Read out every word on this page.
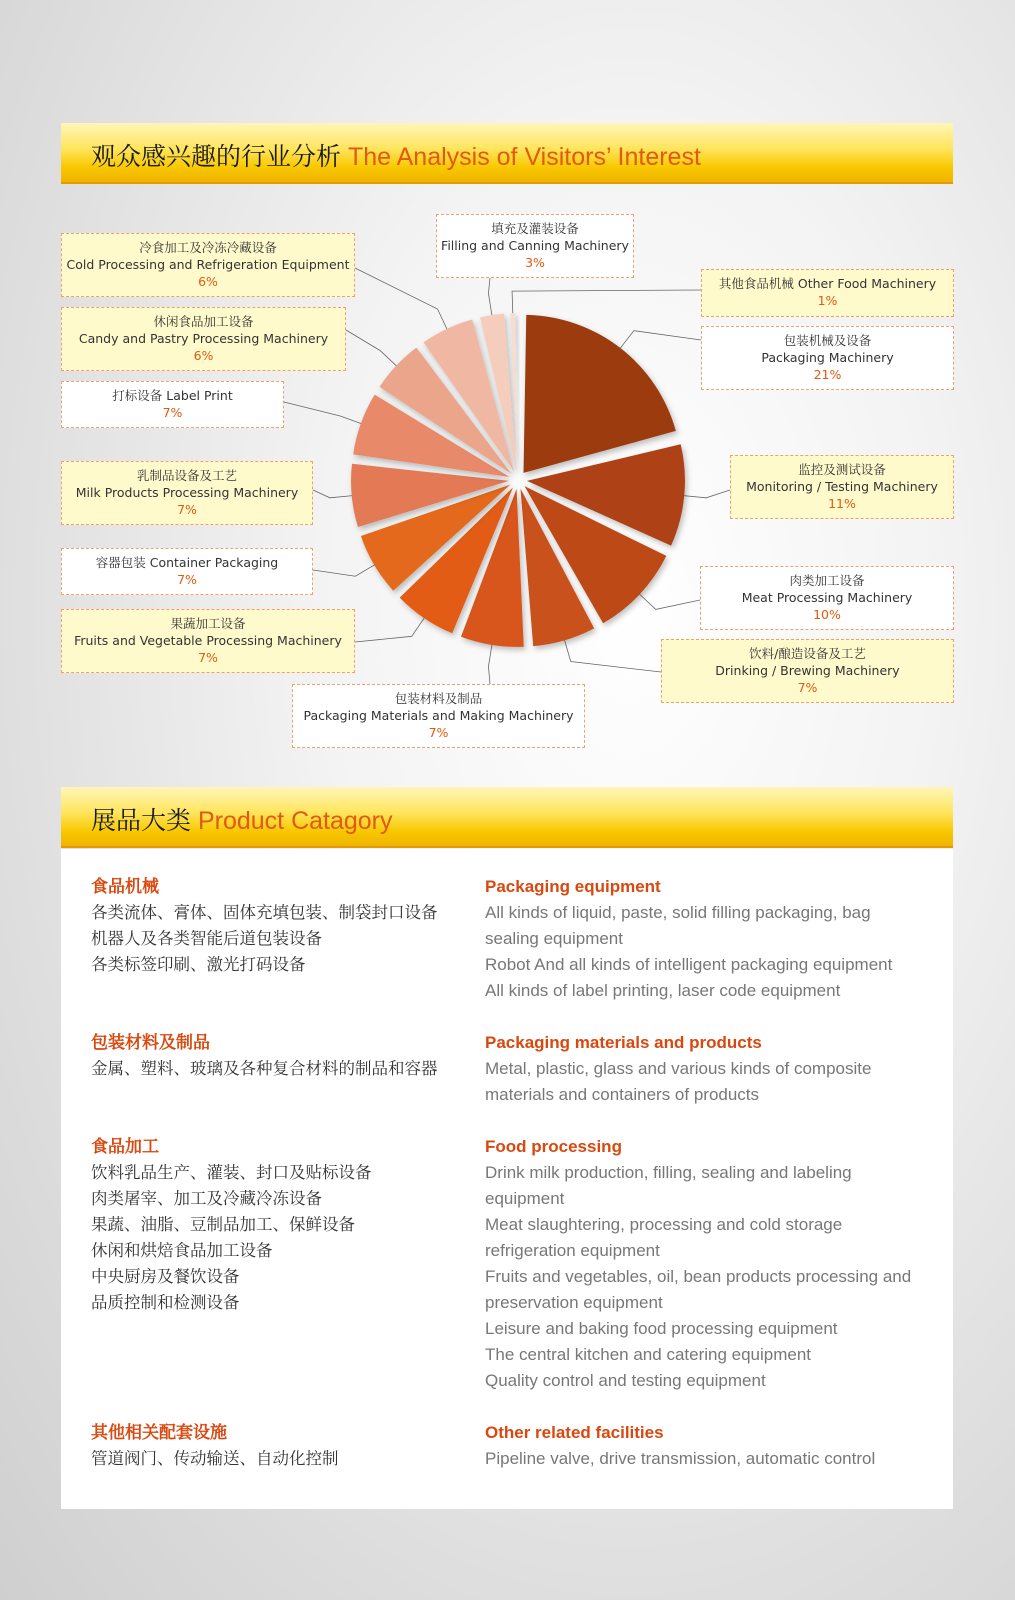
观众感兴趣的行业分析 The Analysis of Visitors’ Interest
包装机械及设备
Packaging Machinery
21%
监控及测试设备
Monitoring / Testing Machinery
11%
肉类加工设备
Meat Processing Machinery
10%
饮料/酿造设备及工艺
Drinking / Brewing Machinery
7%
包装材料及制品
Packaging Materials and Making Machinery
7%
果蔬加工设备
Fruits and Vegetable Processing Machinery
7%
容器包装 Container Packaging
7%
乳制品设备及工艺
Milk Products Processing Machinery
7%
打标设备 Label Print
7%
休闲食品加工设备
Candy and Pastry Processing Machinery
6%
冷食加工及冷冻冷藏设备
Cold Processing and Refrigeration Equipment
6%
填充及灌装设备
Filling and Canning Machinery
3%
其他食品机械 Other Food Machinery
1%
展品大类 Product Catagory
食品机械
各类流体、膏体、固体充填包装、制袋封口设备
机器人及各类智能后道包装设备
各类标签印刷、激光打码设备
包装材料及制品
金属、塑料、玻璃及各种复合材料的制品和容器
食品加工
饮料乳品生产、灌装、封口及贴标设备
肉类屠宰、加工及冷藏冷冻设备
果蔬、油脂、豆制品加工、保鲜设备
休闲和烘焙食品加工设备
中央厨房及餐饮设备
品质控制和检测设备
其他相关配套设施
管道阀门、传动输送、自动化控制
Packaging equipment
All kinds of liquid, paste, solid filling packaging, bag sealing equipment
Robot And all kinds of intelligent packaging equipment
All kinds of label printing, laser code equipment
Packaging materials and products
Metal, plastic, glass and various kinds of composite materials and containers of products
Food processing
Drink milk production, filling, sealing and labeling equipment
Meat slaughtering, processing and cold storage refrigeration equipment
Fruits and vegetables, oil, bean products processing and preservation equipment
Leisure and baking food processing equipment
The central kitchen and catering equipment
Quality control and testing equipment
Other related facilities
Pipeline valve, drive transmission, automatic control
